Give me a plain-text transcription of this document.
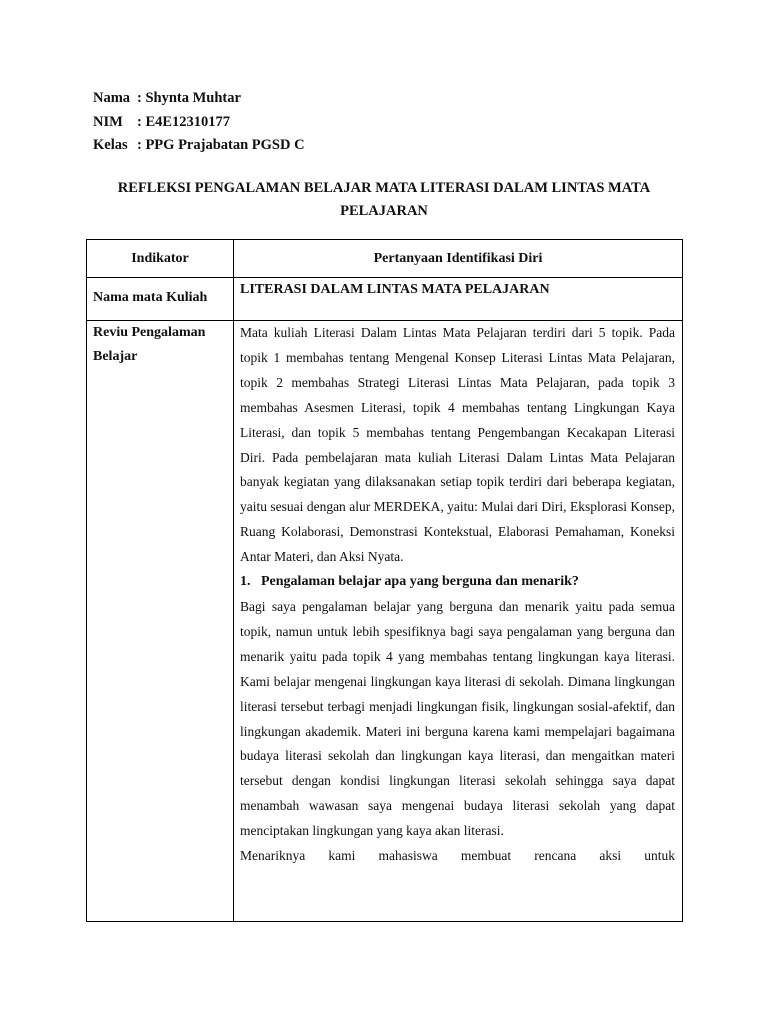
Nama : Shynta Muhtar
NIM : E4E12310177
Kelas : PPG Prajabatan PGSD C
REFLEKSI PENGALAMAN BELAJAR MATA LITERASI DALAM LINTAS MATA PELAJARAN
Indikator	Pertanyaan Identifikasi Diri
Nama mata Kuliah	LITERASI DALAM LINTAS MATA PELAJARAN
Reviu Pengalaman Belajar	Mata kuliah Literasi Dalam Lintas Mata Pelajaran terdiri dari 5 topik. Pada topik 1 membahas tentang Mengenal Konsep Literasi Lintas Mata Pelajaran, topik 2 membahas Strategi Literasi Lintas Mata Pelajaran, pada topik 3 membahas Asesmen Literasi, topik 4 membahas tentang Lingkungan Kaya Literasi, dan topik 5 membahas tentang Pengembangan Kecakapan Literasi Diri. Pada pembelajaran mata kuliah Literasi Dalam Lintas Mata Pelajaran banyak kegiatan yang dilaksanakan setiap topik terdiri dari beberapa kegiatan, yaitu sesuai dengan alur MERDEKA, yaitu: Mulai dari Diri, Eksplorasi Konsep, Ruang Kolaborasi, Demonstrasi Kontekstual, Elaborasi Pemahaman, Koneksi Antar Materi, dan Aksi Nyata.

1. Pengalaman belajar apa yang berguna dan menarik?

Bagi saya pengalaman belajar yang berguna dan menarik yaitu pada semua topik, namun untuk lebih spesifiknya bagi saya pengalaman yang berguna dan menarik yaitu pada topik 4 yang membahas tentang lingkungan kaya literasi. Kami belajar mengenai lingkungan kaya literasi di sekolah. Dimana lingkungan literasi tersebut terbagi menjadi lingkungan fisik, lingkungan sosial-afektif, dan lingkungan akademik. Materi ini berguna karena kami mempelajari bagaimana budaya literasi sekolah dan lingkungan kaya literasi, dan mengaitkan materi tersebut dengan kondisi lingkungan literasi sekolah sehingga saya dapat menambah wawasan saya mengenai budaya literasi sekolah yang dapat menciptakan lingkungan yang kaya akan literasi.

Menariknya kami mahasiswa membuat rencana aksi untuk
